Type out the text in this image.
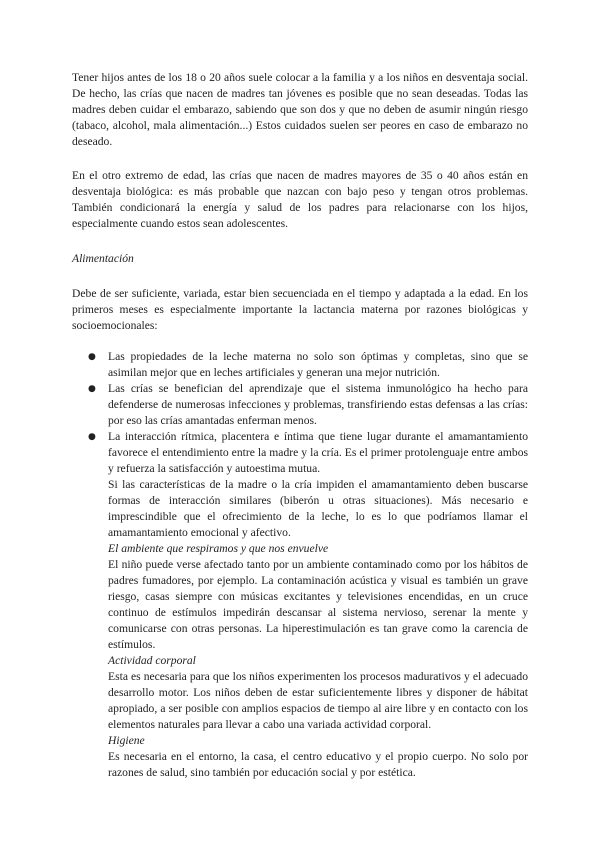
Tener hijos antes de los 18 o 20 años suele colocar a la familia y a los niños en desventaja social. De hecho, las crías que nacen de madres tan jóvenes es posible que no sean deseadas. Todas las madres deben cuidar el embarazo, sabiendo que son dos y que no deben de asumir ningún riesgo (tabaco, alcohol, mala alimentación...) Estos cuidados suelen ser peores en caso de embarazo no deseado.

En el otro extremo de edad, las crías que nacen de madres mayores de 35 o 40 años están en desventaja biológica: es más probable que nazcan con bajo peso y tengan otros problemas. También condicionará la energía y salud de los padres para relacionarse con los hijos, especialmente cuando estos sean adolescentes.

Alimentación

Debe de ser suficiente, variada, estar bien secuenciada en el tiempo y adaptada a la edad. En los primeros meses es especialmente importante la lactancia materna por razones biológicas y socioemocionales:

● Las propiedades de la leche materna no solo son óptimas y completas, sino que se asimilan mejor que en leches artificiales y generan una mejor nutrición.
● Las crías se benefician del aprendizaje que el sistema inmunológico ha hecho para defenderse de numerosas infecciones y problemas, transfiriendo estas defensas a las crías: por eso las crías amantadas enferman menos.
● La interacción rítmica, placentera e íntima que tiene lugar durante el amamantamiento favorece el entendimiento entre la madre y la cría. Es el primer protolenguaje entre ambos y refuerza la satisfacción y autoestima mutua.

Si las características de la madre o la cría impiden el amamantamiento deben buscarse formas de interacción similares (biberón u otras situaciones). Más necesario e imprescindible que el ofrecimiento de la leche, lo es lo que podríamos llamar el amamantamiento emocional y afectivo.

El ambiente que respiramos y que nos envuelve

El niño puede verse afectado tanto por un ambiente contaminado como por los hábitos de padres fumadores, por ejemplo. La contaminación acústica y visual es también un grave riesgo, casas siempre con músicas excitantes y televisiones encendidas, en un cruce continuo de estímulos impedirán descansar al sistema nervioso, serenar la mente y comunicarse con otras personas. La hiperestimulación es tan grave como la carencia de estímulos.

Actividad corporal

Esta es necesaria para que los niños experimenten los procesos madurativos y el adecuado desarrollo motor. Los niños deben de estar suficientemente libres y disponer de hábitat apropiado, a ser posible con amplios espacios de tiempo al aire libre y en contacto con los elementos naturales para llevar a cabo una variada actividad corporal.

Higiene

Es necesaria en el entorno, la casa, el centro educativo y el propio cuerpo. No solo por razones de salud, sino también por educación social y por estética.
